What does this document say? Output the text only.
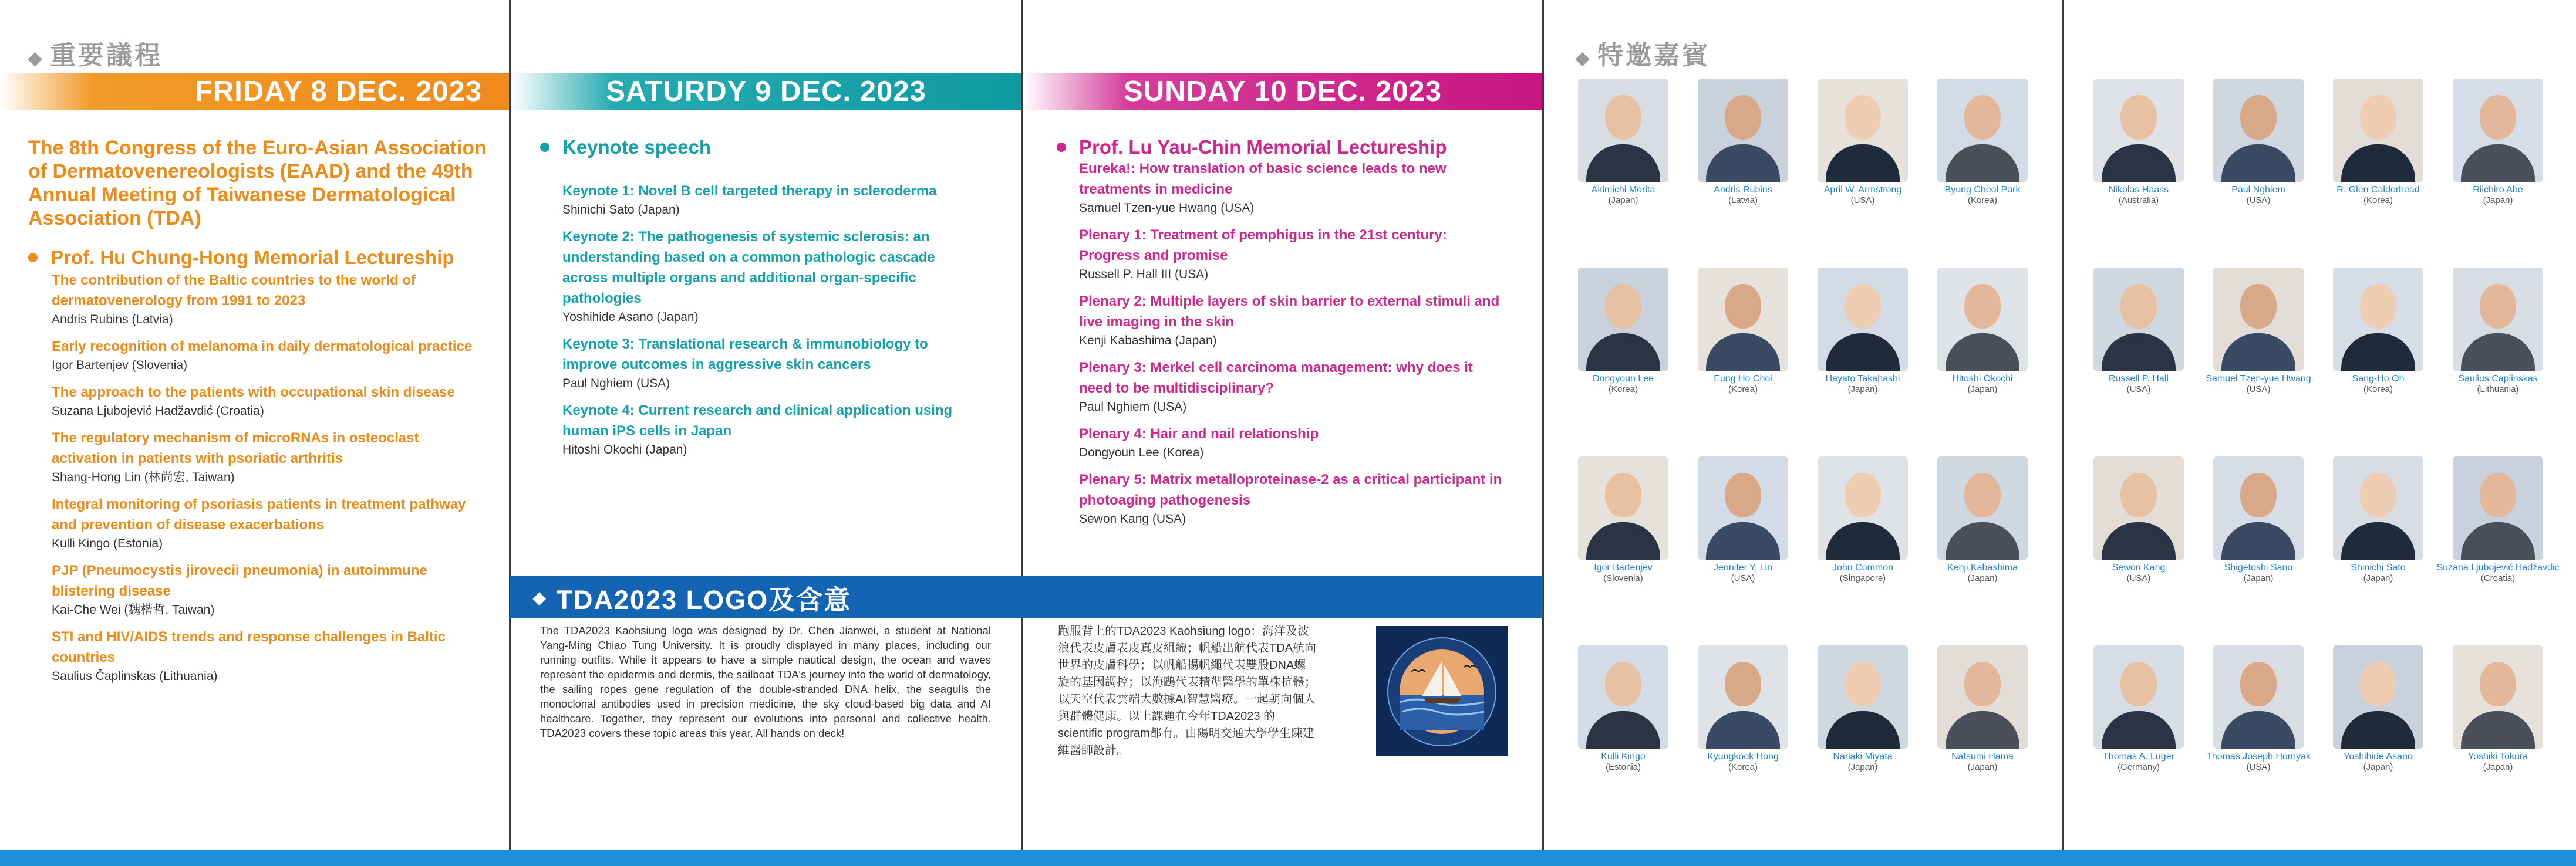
◆ 重要議程
FRIDAY 8 DEC. 2023
The 8th Congress of the Euro-Asian Association of Dermatovenereologists (EAAD) and the 49th Annual Meeting of Taiwanese Dermatological Association (TDA)
Prof. Hu Chung-Hong Memorial Lectureship
The contribution of the Baltic countries to the world of dermatovenerology from 1991 to 2023
Andris Rubins (Latvia)
Early recognition of melanoma in daily dermatological practice
Igor Bartenjev (Slovenia)
The approach to the patients with occupational skin disease
Suzana Ljubojević Hadžavdić (Croatia)
The regulatory mechanism of microRNAs in osteoclast activation in patients with psoriatic arthritis
Shang-Hong Lin (林尚宏, Taiwan)
Integral monitoring of psoriasis patients in treatment pathway and prevention of disease exacerbations
Kulli Kingo (Estonia)
PJP (Pneumocystis jirovecii pneumonia) in autoimmune blistering disease
Kai-Che Wei (魏楷哲, Taiwan)
STI and HIV/AIDS trends and response challenges in Baltic countries
Saulius Čaplinskas (Lithuania)
SATURDY 9 DEC. 2023
Keynote speech
Keynote 1: Novel B cell targeted therapy in scleroderma
Shinichi Sato (Japan)
Keynote 2: The pathogenesis of systemic sclerosis: an understanding based on a common pathologic cascade across multiple organs and additional organ-specific pathologies
Yoshihide Asano (Japan)
Keynote 3: Translational research & immunobiology to improve outcomes in aggressive skin cancers
Paul Nghiem (USA)
Keynote 4: Current research and clinical application using human iPS cells in Japan
Hitoshi Okochi (Japan)
SUNDAY 10 DEC. 2023
Prof. Lu Yau-Chin Memorial Lectureship
Eureka!: How translation of basic science leads to new treatments in medicine
Samuel Tzen-yue Hwang (USA)
Plenary 1: Treatment of pemphigus in the 21st century: Progress and promise
Russell P. Hall III (USA)
Plenary 2: Multiple layers of skin barrier to external stimuli and live imaging in the skin
Kenji Kabashima (Japan)
Plenary 3: Merkel cell carcinoma management: why does it need to be multidisciplinary?
Paul Nghiem (USA)
Plenary 4: Hair and nail relationship
Dongyoun Lee (Korea)
Plenary 5: Matrix metalloproteinase-2 as a critical participant in photoaging pathogenesis
Sewon Kang (USA)
◆ TDA2023 LOGO及含意
The TDA2023 Kaohsiung logo was designed by Dr. Chen Jianwei, a student at National Yang-Ming Chiao Tung University. It is proudly displayed in many places, including our running outfits. While it appears to have a simple nautical design, the ocean and waves represent the epidermis and dermis, the sailboat TDA's journey into the world of dermatology, the sailing ropes gene regulation of the double-stranded DNA helix, the seagulls the monoclonal antibodies used in precision medicine, the sky cloud-based big data and AI healthcare. Together, they represent our evolutions into personal and collective health. TDA2023 covers these topic areas this year. All hands on deck!
跑服背上的TDA2023 Kaohsiung logo：海洋及波浪代表皮膚表皮真皮組織；帆船出航代表TDA航向世界的皮膚科學；以帆船揚帆繩代表雙股DNA螺旋的基因調控；以海鷗代表精準醫學的單株抗體；以天空代表雲端大數據AI智慧醫療。一起朝向個人與群體健康。以上課題在今年TDA2023 的scientific program都有。由陽明交通大學學生陳建維醫師設計。
◆ 特邀嘉賓
Akimichi Morita
(Japan)
Andris Rubins
(Latvia)
April W. Armstrong
(USA)
Byung Cheol Park
(Korea)
Nikolas Haass
(Australia)
Paul Nghiem
(USA)
R. Glen Calderhead
(Korea)
Riichiro Abe
(Japan)
Dongyoun Lee
(Korea)
Eung Ho Choi
(Korea)
Hayato Takahashi
(Japan)
Hitoshi Okochi
(Japan)
Russell P. Hall
(USA)
Samuel Tzen-yue Hwang
(USA)
Sang-Ho Oh
(Korea)
Saulius Caplinskas
(Lithuania)
Igor Bartenjev
(Slovenia)
Jennifer Y. Lin
(USA)
John Common
(Singapore)
Kenji Kabashima
(Japan)
Sewon Kang
(USA)
Shigetoshi Sano
(Japan)
Shinichi Sato
(Japan)
Suzana Ljubojević Hadžavdić
(Croatia)
Kulli Kingo
(Estonia)
Kyungkook Hong
(Korea)
Nariaki Miyata
(Japan)
Natsumi Hama
(Japan)
Thomas A. Luger
(Germany)
Thomas Joseph Hornyak
(USA)
Yoshihide Asano
(Japan)
Yoshiki Tokura
(Japan)
